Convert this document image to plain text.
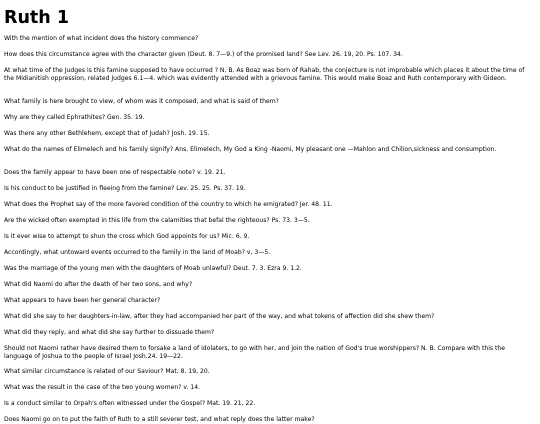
Ruth 1

With the mention of what incident does the history commence?

How does this circumstance agree with the character given (Deut. 8. 7—9.) of the promised land? See Lev. 26. 19, 20. Ps. 107. 34.

At what time of the Judges is this famine supposed to have occurred ? N. B. As Boaz was born of Rahab, the conjecture is not improbable which places it about the time of the Midianitish oppression, related Judges 6.1—4. which was evidently attended with a grievous famine. This would make Boaz and Ruth contemporary with Gideon.

What family is here brought to view, of whom was it composed, and what is said of them?

Why are they called Ephrathites? Gen. 35. 19.

Was there any other Bethlehem, except that of Judah? Josh. 19. 15.

What do the names of Elimelech and his family signify? Ans. Elimelech, My God a King -Naomi, My pleasant one —Mahlon and Chilion,sickness and consumption.

Does the family appear to have been one of respectable note? v. 19. 21.

Is his conduct to be justified in fleeing from the famine? Lev. 25. 25. Ps. 37. 19.

What does the Prophet say of the more favored condition of the country to which he emigrated? Jer. 48. 11.

Are the wicked often exempted in this life from the calamities that befal the righteous? Ps. 73. 3—5.

Is it ever wise to attempt to shun the cross which God appoints for us? Mic. 6. 9.

Accordingly, what untoward events occurred to the family in the land of Moab? v, 3—5.

Was the marriage of the young men with the daughters of Moab unlawful? Deut. 7. 3. Ezra 9. 1.2.

What did Naomi do after the death of her two sons, and why?

What appears to have been her general character?

What did she say to her daughters-in-law, after they had accompanied her part of the way, and what tokens of affection did she shew them?

What did they reply, and what did she say further to dissuade them?

Should not Naomi rather have desired them to forsake a land of idolaters, to go with her, and join the nation of God's true worshippers? N. B. Compare with this the language of Joshua to the people of Israel Josh.24. 19—22.

What similar circumstance is related of our Saviour? Mat. 8. 19, 20.

What was the result in the case of the two young women? v. 14.

Is a conduct similar to Orpah's often witnessed under the Gospel? Mat. 19. 21, 22.

Does Naomi go on to put the faith of Ruth to a still severer test, and what reply does the latter make?
